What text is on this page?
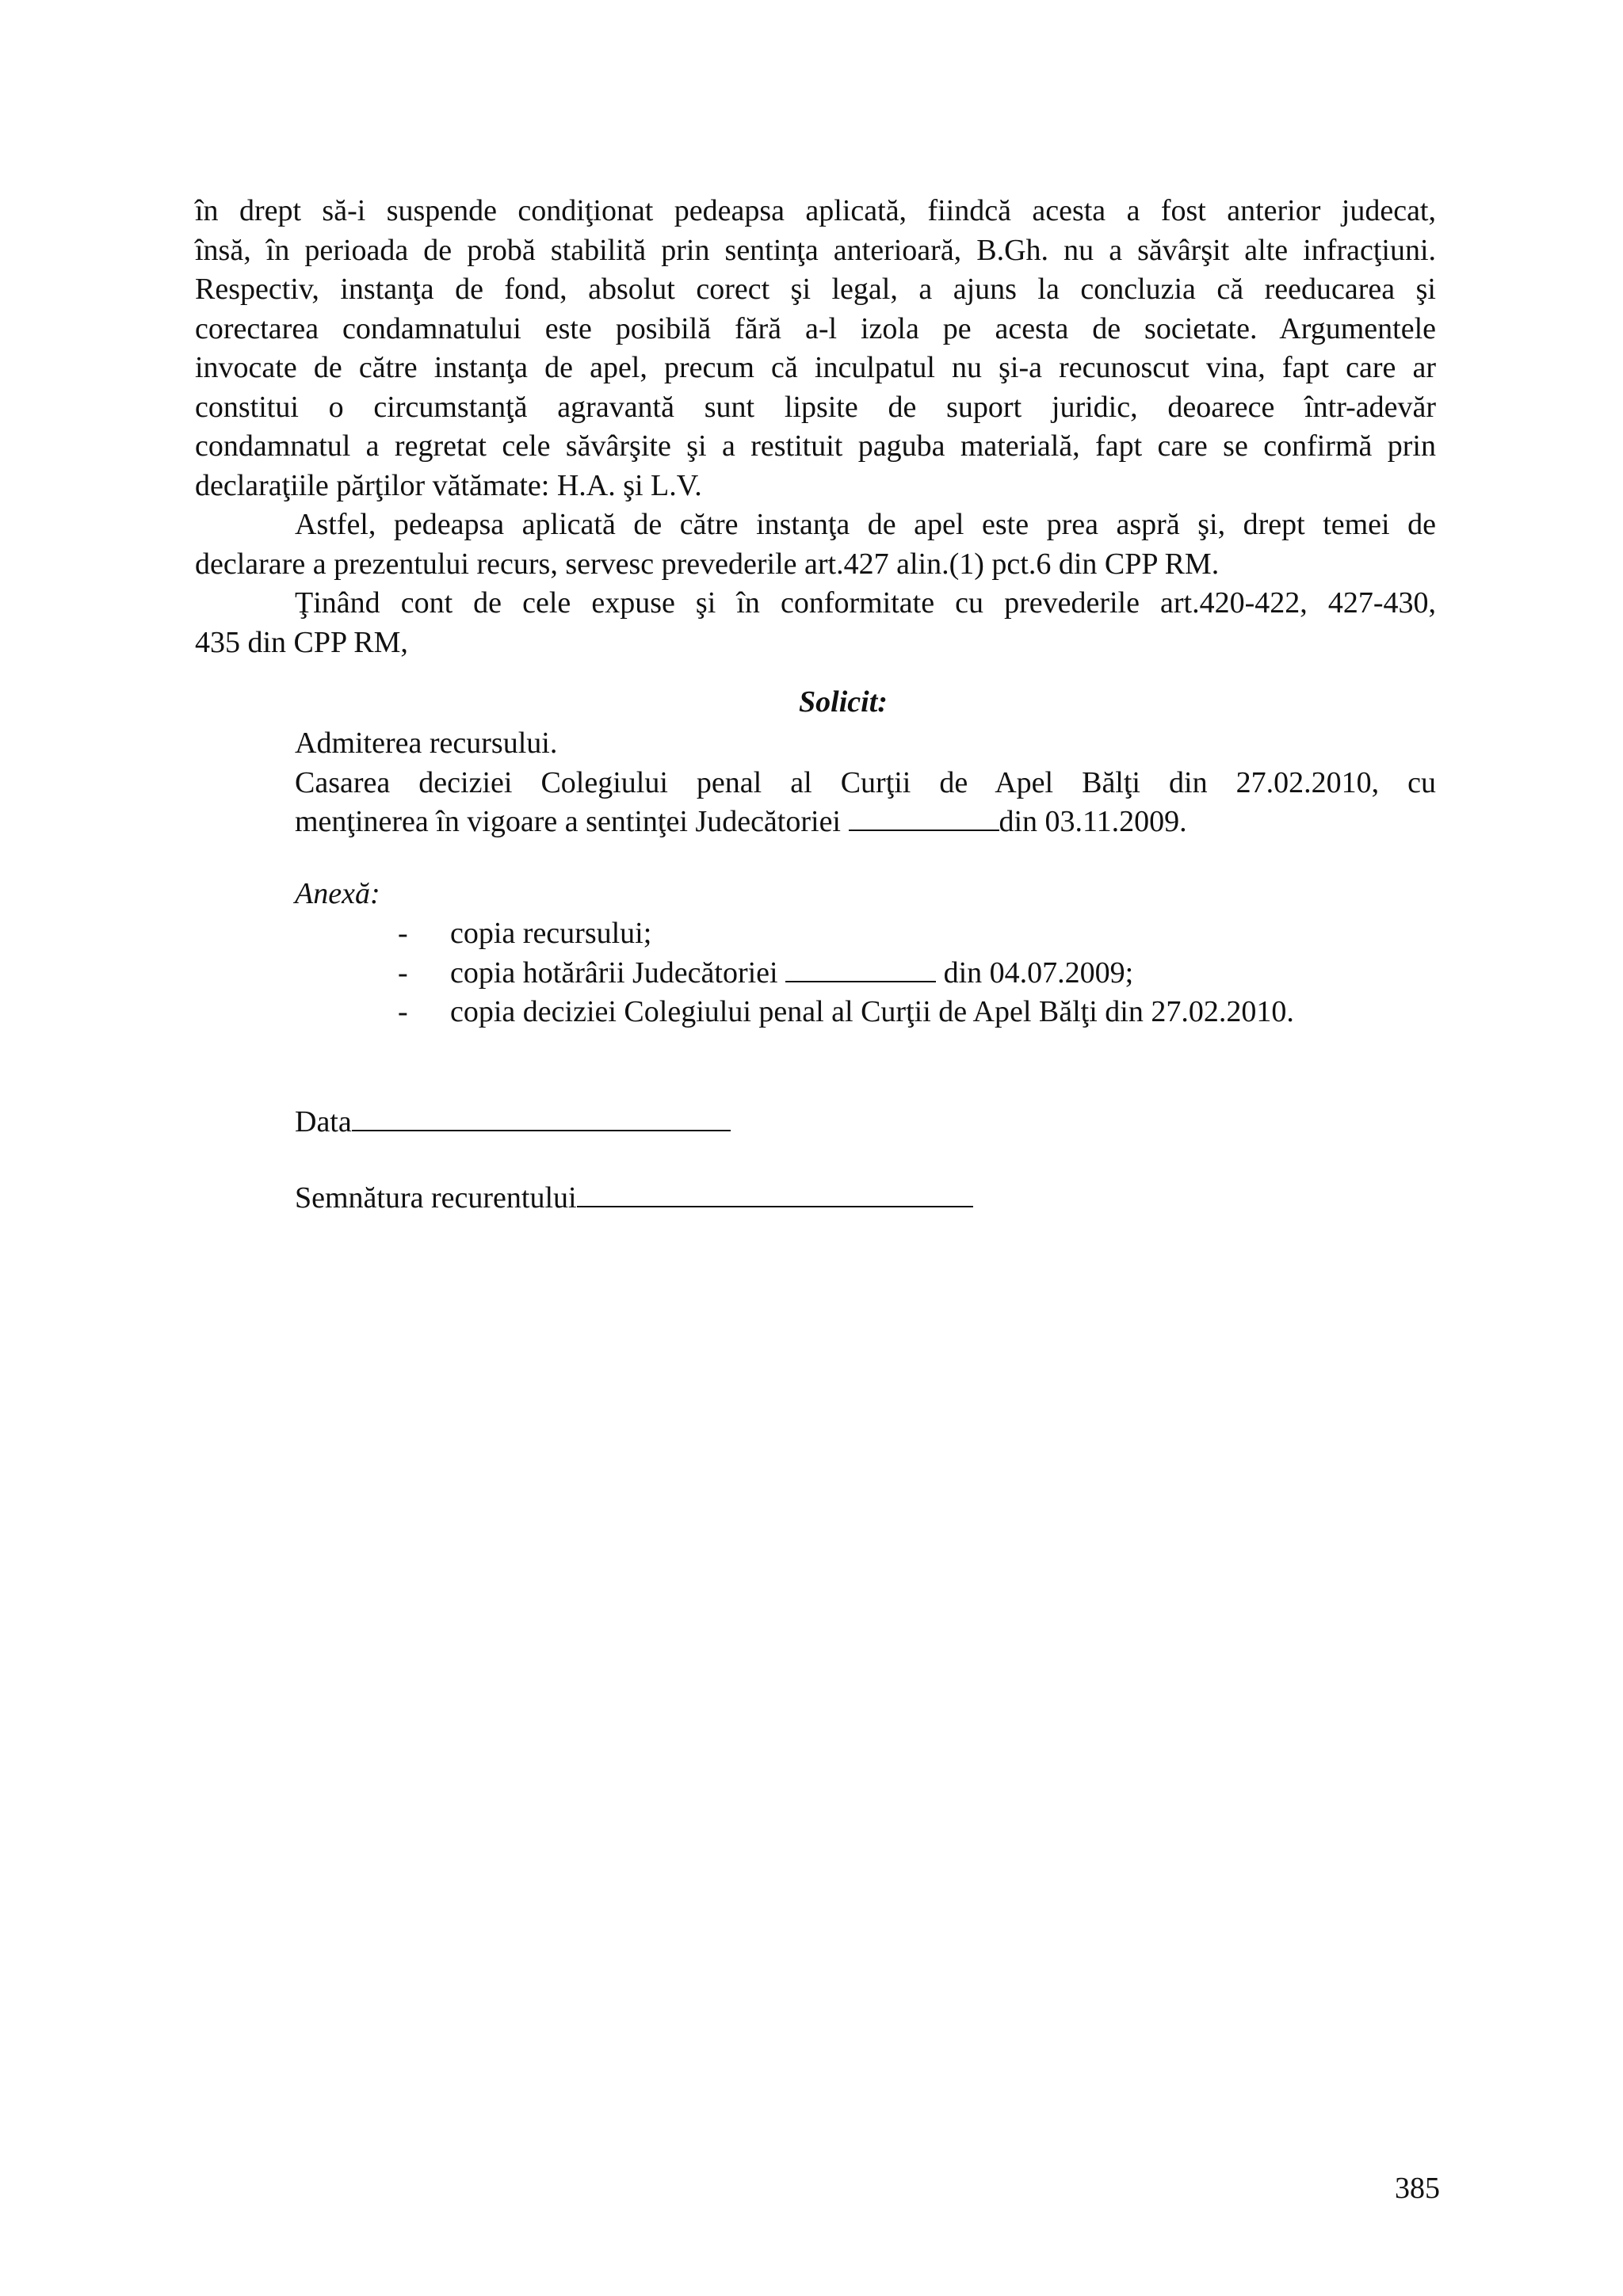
în drept să-i suspende condiţionat pedeapsa aplicată, fiindcă acesta a fost anterior judecat,
însă, în perioada de probă stabilită prin sentinţa anterioară, B.Gh. nu a săvârşit alte infracţiuni.
Respectiv, instanţa de fond, absolut corect şi legal, a ajuns la concluzia că reeducarea şi
corectarea condamnatului este posibilă fără a-l izola pe acesta de societate. Argumentele
invocate de către instanţa de apel, precum că inculpatul nu şi-a recunoscut vina, fapt care ar
constitui o circumstanţă agravantă sunt lipsite de suport juridic, deoarece într-adevăr
condamnatul a regretat cele săvârşite şi a restituit paguba materială, fapt care se confirmă prin
declaraţiile părţilor vătămate: H.A. şi L.V.
Astfel, pedeapsa aplicată de către instanţa de apel este prea aspră şi, drept temei de
declarare a prezentului recurs, servesc prevederile art.427 alin.(1) pct.6 din CPP RM.
Ţinând cont de cele expuse şi în conformitate cu prevederile art.420-422, 427-430,
435 din CPP RM,
Solicit:
Admiterea recursului.
Casarea deciziei Colegiului penal al Curţii de Apel Bălţi din 27.02.2010, cu
menţinerea în vigoare a sentinţei Judecătoriei	din 03.11.2009.
Anexă:
- copia recursului;
- copia hotărârii Judecătoriei	din 04.07.2009;
- copia deciziei Colegiului penal al Curţii de Apel Bălţi din 27.02.2010.
Data
Semnătura recurentului
385
